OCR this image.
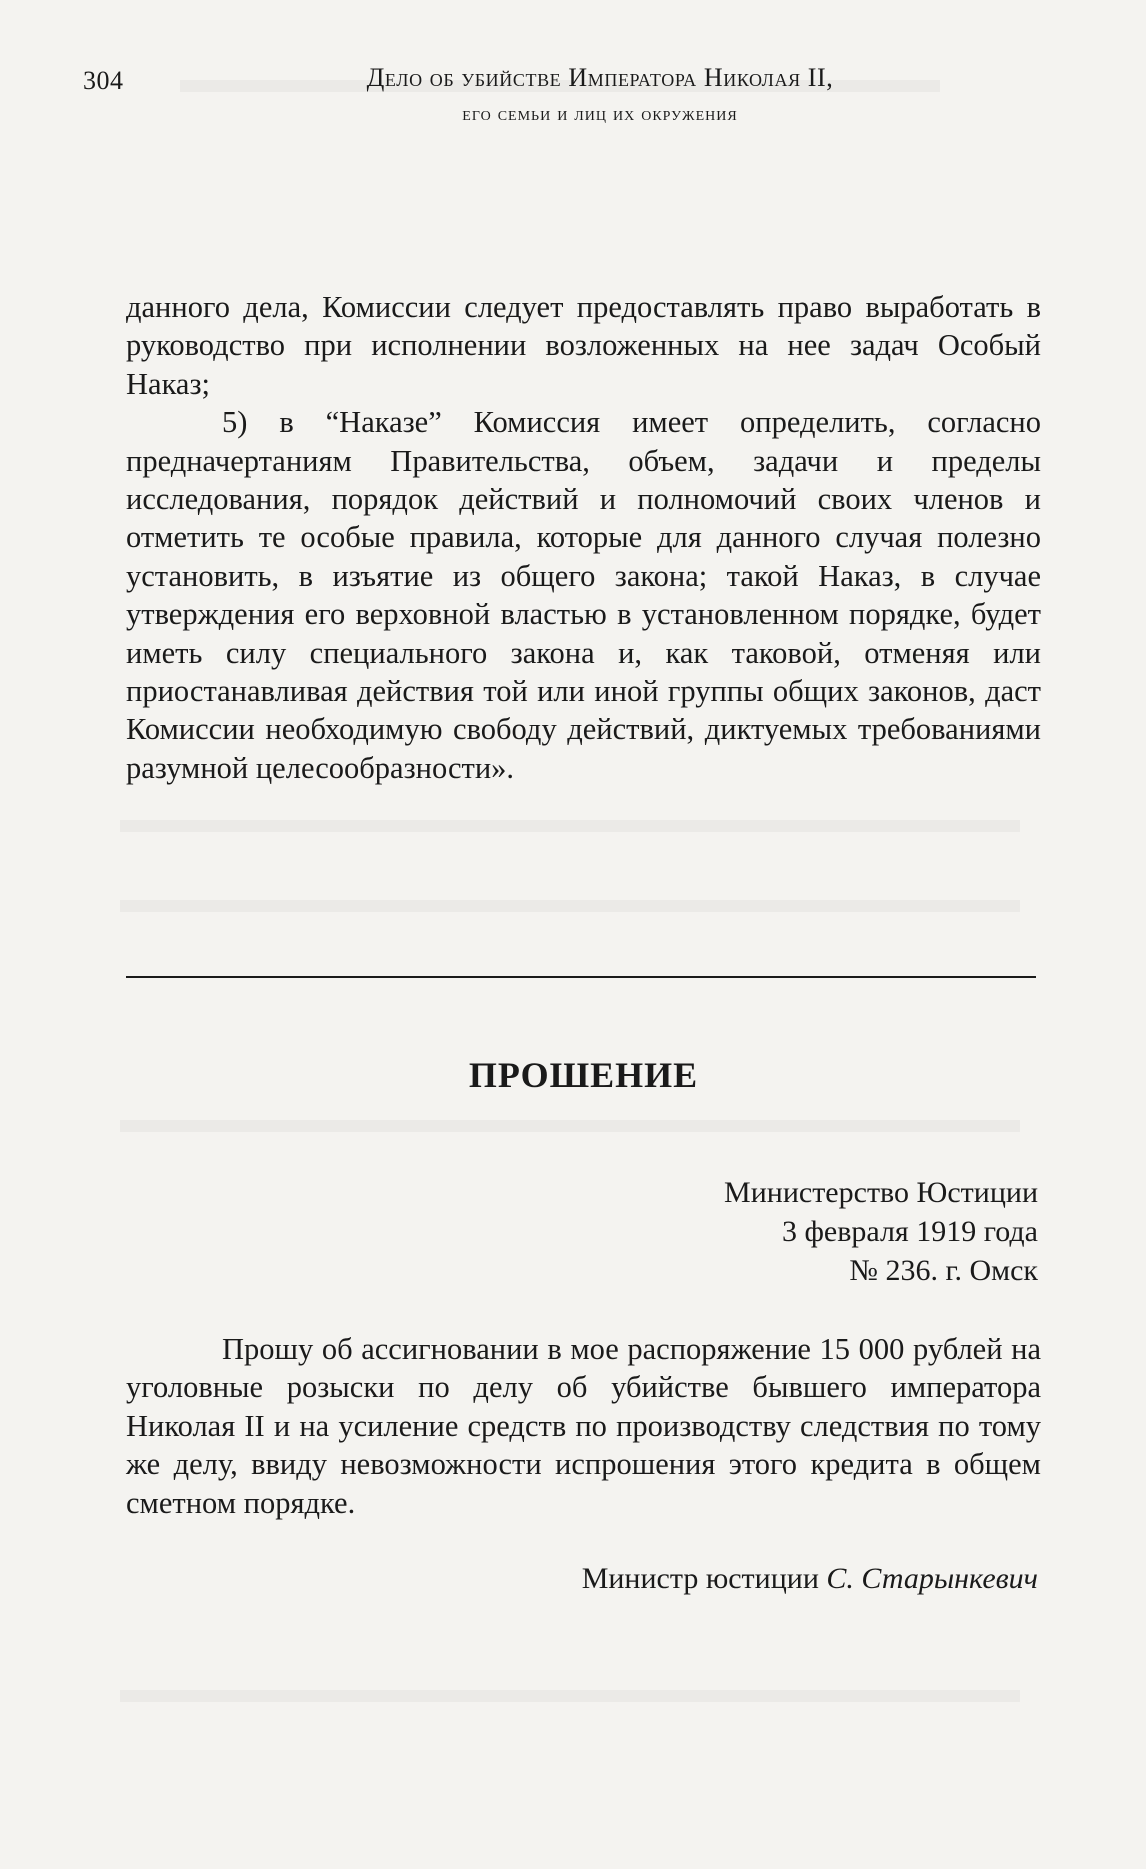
304	Дело об убийстве Императора Николая II,
его семьи и лиц их окружения

данного дела, Комиссии следует предоставлять право выработать в руководство при исполнении возложенных на нее задач Особый Наказ;

5) в “Наказе” Комиссия имеет определить, согласно предначертаниям Правительства, объем, задачи и пределы исследования, порядок действий и полномочий своих членов и отметить те особые правила, которые для данного случая полезно установить, в изъятие из общего закона; такой Наказ, в случае утверждения его верховной властью в установленном порядке, будет иметь силу специального закона и, как таковой, отменяя или приостанавливая действия той или иной группы общих законов, даст Комиссии необходимую свободу действий, диктуемых требованиями разумной целесообразности».

ПРОШЕНИЕ
Министерство Юстиции
3 февраля 1919 года
№ 236. г. Омск

Прошу об ассигновании в мое распоряжение 15 000 рублей на уголовные розыски по делу об убийстве бывшего императора Николая II и на усиление средств по производству следствия по тому же делу, ввиду невозможности испрошения этого кредита в общем сметном порядке.

Министр юстиции С. Старынкевич
